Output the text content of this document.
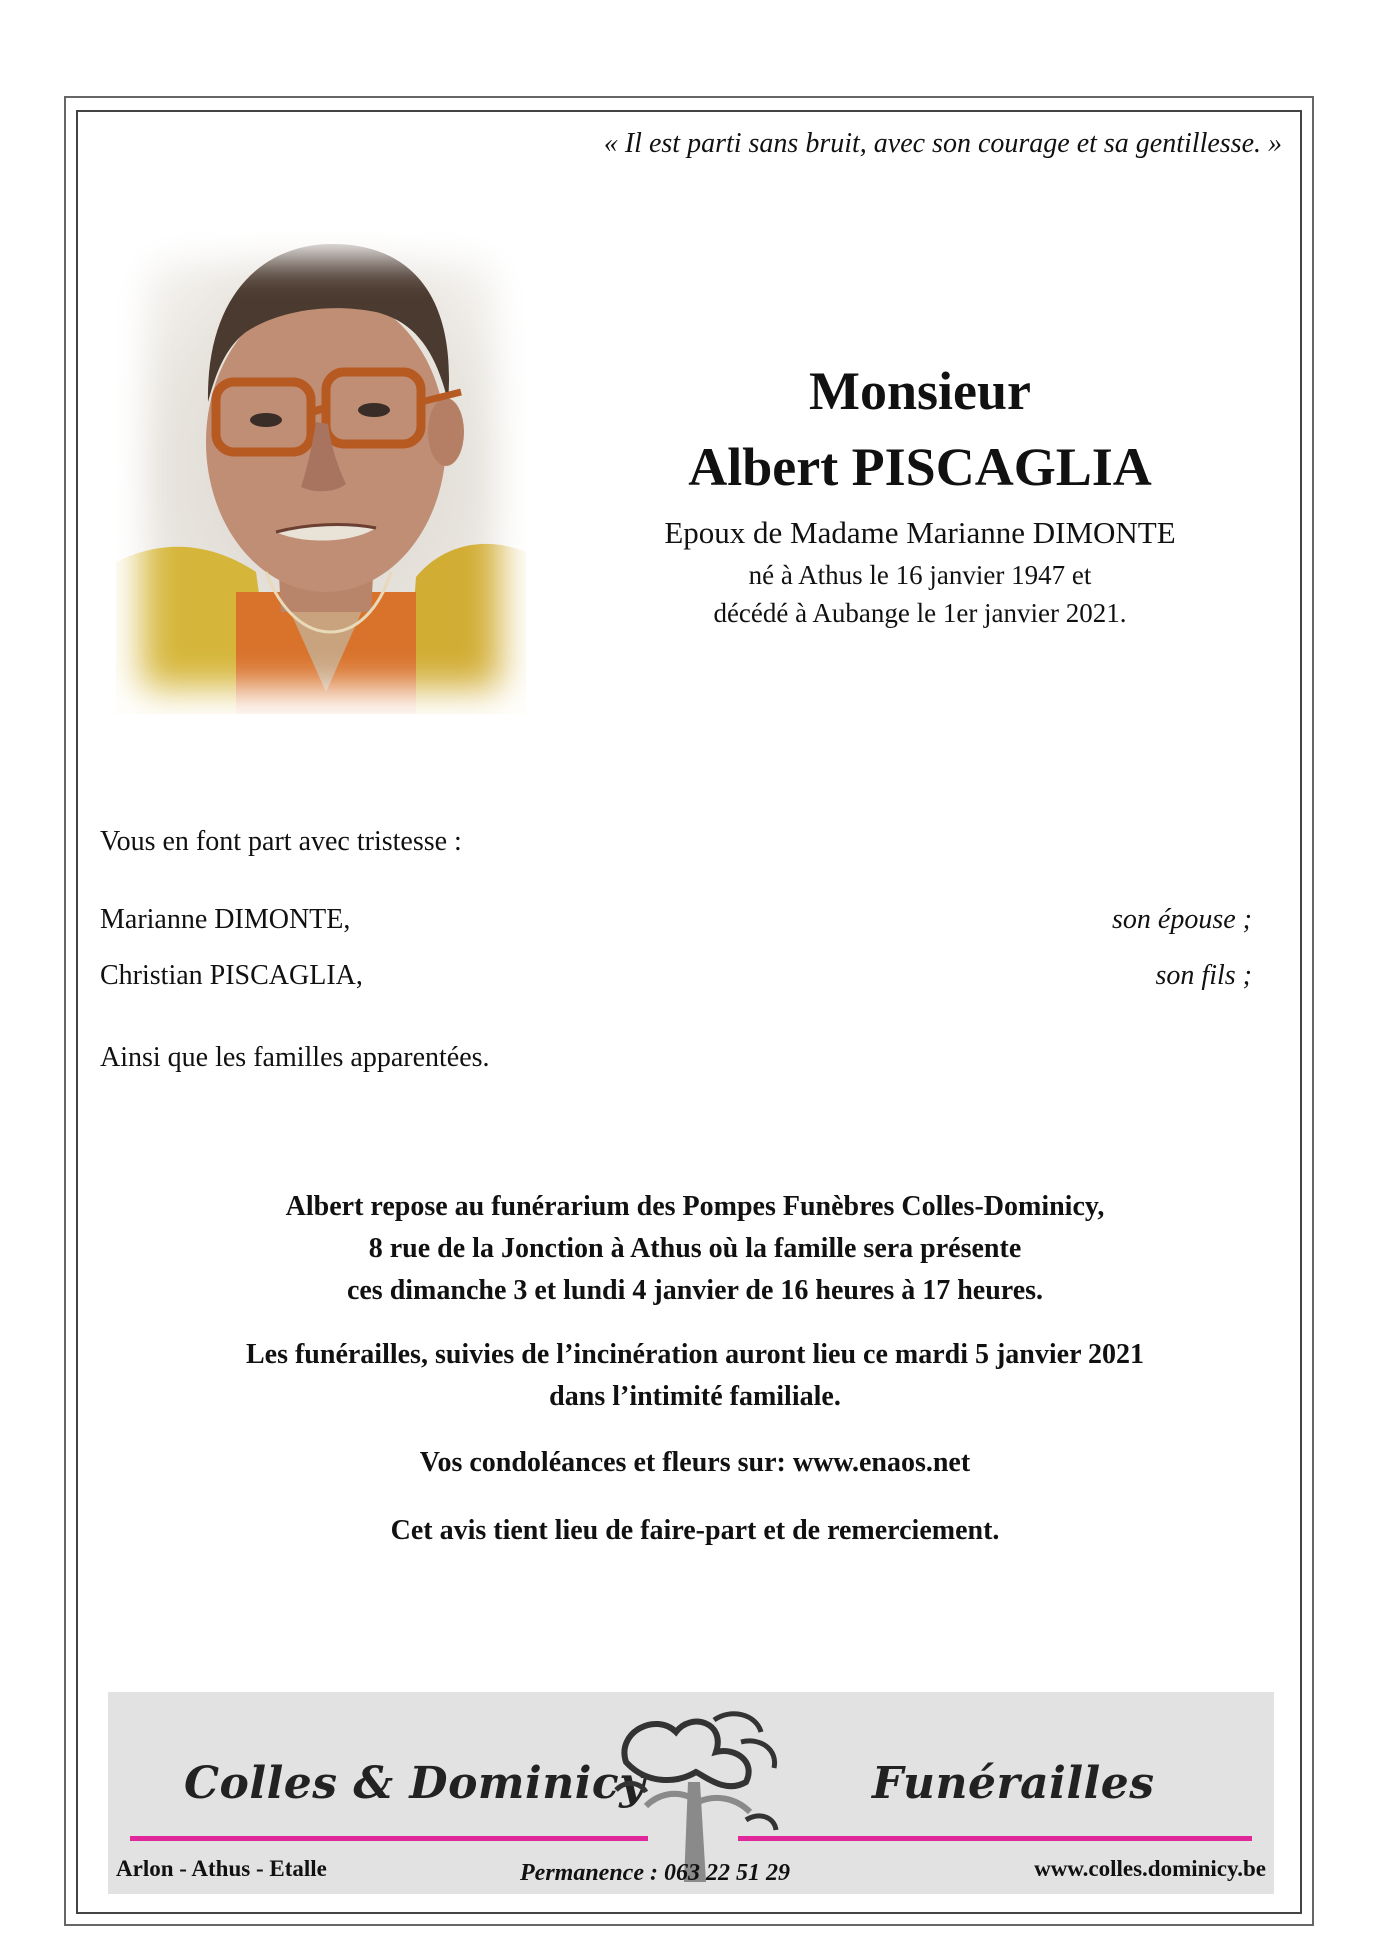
« Il est parti sans bruit, avec son courage et sa gentillesse. »
Monsieur
Albert PISCAGLIA
Epoux de Madame Marianne DIMONTE
né à Athus le 16 janvier 1947 et
décédé à Aubange le 1er janvier 2021.
Vous en font part avec tristesse :
Marianne DIMONTE,	son épouse ;
Christian PISCAGLIA,	son fils ;
Ainsi que les familles apparentées.
Albert repose au funérarium des Pompes Funèbres Colles-Dominicy,
8 rue de la Jonction à Athus où la famille sera présente
ces dimanche 3 et lundi 4 janvier de 16 heures à 17 heures.
Les funérailles, suivies de l’incinération auront lieu ce mardi 5 janvier 2021
dans l’intimité familiale.
Vos condoléances et fleurs sur: www.enaos.net
Cet avis tient lieu de faire-part et de remerciement.
Colles & Dominicy	Funérailles
Arlon - Athus - Etalle	Permanence : 063 22 51 29	www.colles.dominicy.be
